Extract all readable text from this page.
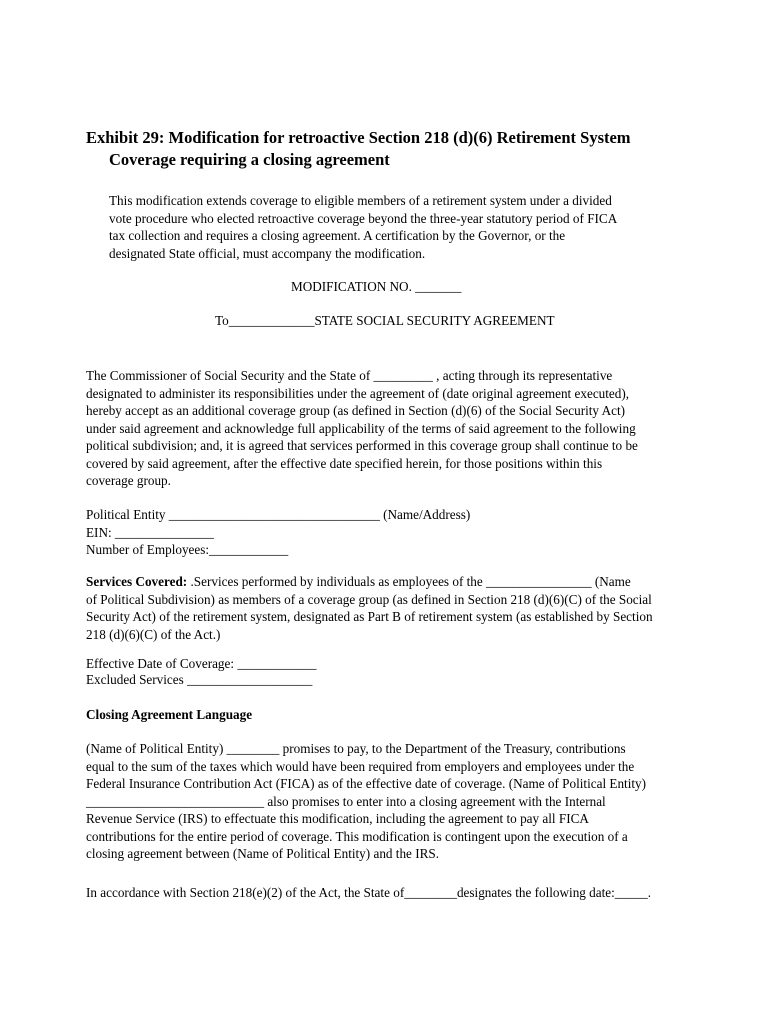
Exhibit 29: Modification for retroactive Section 218 (d)(6) Retirement System
Coverage requiring a closing agreement
This modification extends coverage to eligible members of a retirement system under a divided
vote procedure who elected retroactive coverage beyond the three-year statutory period of FICA
tax collection and requires a closing agreement. A certification by the Governor, or the
designated State official, must accompany the modification.
MODIFICATION NO. _______
To_____________STATE SOCIAL SECURITY AGREEMENT
The Commissioner of Social Security and the State of _________ , acting through its representative
designated to administer its responsibilities under the agreement of (date original agreement executed),
hereby accept as an additional coverage group (as defined in Section (d)(6) of the Social Security Act)
under said agreement and acknowledge full applicability of the terms of said agreement to the following
political subdivision; and, it is agreed that services performed in this coverage group shall continue to be
covered by said agreement, after the effective date specified herein, for those positions within this
coverage group.
Political Entity ________________________________ (Name/Address)
EIN: _______________
Number of Employees:____________
Services Covered: .Services performed by individuals as employees of the ________________ (Name
of Political Subdivision) as members of a coverage group (as defined in Section 218 (d)(6)(C) of the Social
Security Act) of the retirement system, designated as Part B of retirement system (as established by Section
218 (d)(6)(C) of the Act.)
Effective Date of Coverage: ____________
Excluded Services ___________________
Closing Agreement Language
(Name of Political Entity) ________ promises to pay, to the Department of the Treasury, contributions
equal to the sum of the taxes which would have been required from employers and employees under the
Federal Insurance Contribution Act (FICA) as of the effective date of coverage. (Name of Political Entity)
___________________________ also promises to enter into a closing agreement with the Internal
Revenue Service (IRS) to effectuate this modification, including the agreement to pay all FICA
contributions for the entire period of coverage. This modification is contingent upon the execution of a
closing agreement between (Name of Political Entity) and the IRS.
In accordance with Section 218(e)(2) of the Act, the State of________designates the following date:_____.
